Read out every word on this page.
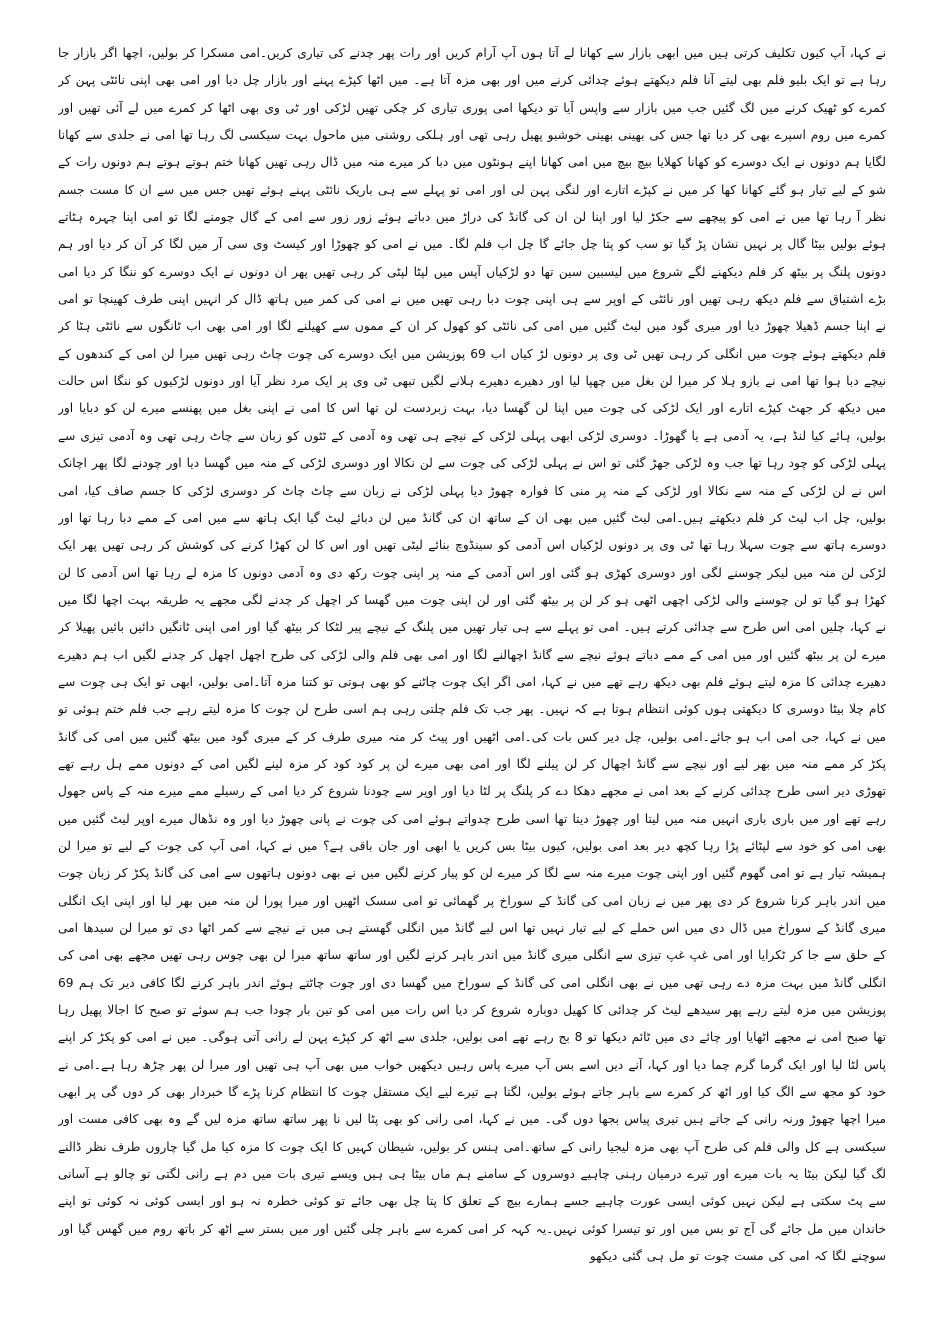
نے کہا، آپ کیوں تکلیف کرتی ہیں میں ابھی بازار سے کھانا لے آتا ہوں آپ آرام کریں اور رات پھر چدنے کی تیاری کریں۔امی مسکرا کر بولیں، اچھا اگر بازار جا رہا ہے تو ایک بلیو فلم بھی لیتے آنا فلم دیکھتے ہوئے چدائی کرنے میں اور بھی مزہ آتا ہے۔ میں اٹھا کپڑے پہنے اور بازار چل دیا اور امی بھی اپنی نائٹی پہن کر کمرے کو ٹھیک کرنے میں لگ گئیں جب میں بازار سے واپس آیا تو دیکھا امی پوری تیاری کر چکی تھیں لڑکی اور ٹی وی بھی اٹھا کر کمرے میں لے آئی تھیں اور کمرے میں روم اسپرے بھی کر دیا تھا جس کی بھینی بھینی خوشبو پھیل رہی تھی اور ہلکی روشنی میں ماحول بہت سیکسی لگ رہا تھا امی نے جلدی سے کھانا لگایا ہم دونوں نے ایک دوسرے کو کھانا کھلایا بیچ بیچ میں امی کھانا اپنے ہونٹوں میں دبا کر میرے منہ میں ڈال رہی تھیں کھانا ختم ہوتے ہوتے ہم دونوں رات کے شو کے لیے تیار ہو گئے کھانا کھا کر میں نے کپڑے اتارے اور لنگی پہن لی اور امی تو پہلے سے ہی باریک نائٹی پہنے ہوئے تھیں جس میں سے ان کا مست جسم نظر آ رہا تھا میں نے امی کو پیچھے سے جکڑ لیا اور اپنا لن ان کی گانڈ کی دراڑ میں دباتے ہوئے زور زور سے امی کے گال چومنے لگا تو امی اپنا چہرہ ہٹاتے ہوئے بولیں بیٹا گال پر نہیں نشان پڑ گیا تو سب کو پتا چل جائے گا چل اب فلم لگا۔ میں نے امی کو چھوڑا اور کیسٹ وی سی آر میں لگا کر آن کر دیا اور ہم دونوں پلنگ پر بیٹھ کر فلم دیکھنے لگے شروع میں لیسبین سین تھا دو لڑکیاں آپس میں لپٹا لپٹی کر رہی تھیں پھر ان دونوں نے ایک دوسرے کو ننگا کر دیا امی بڑے اشتیاق سے فلم دیکھ رہی تھیں اور نائٹی کے اوپر سے ہی اپنی چوت دبا رہی تھیں میں نے امی کی کمر میں ہاتھ ڈال کر انہیں اپنی طرف کھینچا تو امی نے اپنا جسم ڈھیلا چھوڑ دیا اور میری گود میں لیٹ گئیں میں امی کی نائٹی کو کھول کر ان کے مموں سے کھیلنے لگا اور امی بھی اب ٹانگوں سے نائٹی ہٹا کر فلم دیکھتے ہوئے چوت میں انگلی کر رہی تھیں ٹی وی پر دونوں لڑ کیاں اب 69 پوزیشن میں ایک دوسرے کی چوت چاٹ رہی تھیں میرا لن امی کے کندھوں کے نیچے دبا ہوا تھا امی نے بازو ہلا کر میرا لن بغل میں چھپا لیا اور دھیرے دھیرے ہلانے لگیں تبھی ٹی وی پر ایک مرد نظر آیا اور دونوں لڑکیوں کو ننگا اس حالت میں دیکھ کر جھٹ کپڑے اتارے اور ایک لڑکی کی چوت میں اپنا لن گھسا دیا، بہت زبردست لن تھا اس کا امی نے اپنی بغل میں پھنسے میرے لن کو دبایا اور بولیں، ہائے کیا لنڈ ہے، یہ آدمی ہے یا گھوڑا۔ دوسری لڑکی ابھی پہلی لڑکی کے نیچے ہی تھی وہ آدمی کے ٹٹوں کو زبان سے چاٹ رہی تھی وہ آدمی تیزی سے پہلی لڑکی کو چود رہا تھا جب وہ لڑکی جھڑ گئی تو اس نے پہلی لڑکی کی چوت سے لن نکالا اور دوسری لڑکی کے منہ میں گھسا دیا اور چودنے لگا پھر اچانک اس نے لن لڑکی کے منہ سے نکالا اور لڑکی کے منہ پر منی کا فوارہ چھوڑ دیا پہلی لڑکی نے زبان سے چاٹ چاٹ کر دوسری لڑکی کا جسم صاف کیا، امی بولیں، چل اب لیٹ کر فلم دیکھتے ہیں۔امی لیٹ گئیں میں بھی ان کے ساتھ ان کی گانڈ میں لن دبائے لیٹ گیا ایک ہاتھ سے میں امی کے ممے دبا رہا تھا اور دوسرے ہاتھ سے چوت سہلا رہا تھا ٹی وی پر دونوں لڑکیاں اس آدمی کو سینڈوچ بنائے لیٹی تھیں اور اس کا لن کھڑا کرنے کی کوشش کر رہی تھیں پھر ایک لڑکی لن منہ میں لیکر چوسنے لگی اور دوسری کھڑی ہو گئی اور اس آدمی کے منہ پر اپنی چوت رکھ دی وہ آدمی دونوں کا مزہ لے رہا تھا اس آدمی کا لن کھڑا ہو گیا تو لن چوسنے والی لڑکی اچھی اٹھی ہو کر لن پر بیٹھ گئی اور لن اپنی چوت میں گھسا کر اچھل کر چدنے لگی مجھے یہ طریقہ بہت اچھا لگا میں نے کہا، چلیں امی اس طرح سے چدائی کرتے ہیں۔ امی تو پہلے سے ہی تیار تھیں میں پلنگ کے نیچے پیر لٹکا کر بیٹھ گیا اور امی اپنی ٹانگیں دائیں بائیں پھیلا کر میرے لن پر بیٹھ گئیں اور میں امی کے ممے دباتے ہوئے نیچے سے گانڈ اچھالنے لگا اور امی بھی فلم والی لڑکی کی طرح اچھل اچھل کر چدنے لگیں اب ہم دھیرے دھیرے چدائی کا مزہ لیتے ہوئے فلم بھی دیکھ رہے تھے میں نے کہا، امی اگر ایک چوت چاٹنے کو بھی ہوتی تو کتنا مزہ آتا۔امی بولیں، ابھی تو ایک ہی چوت سے کام چلا بیٹا دوسری کا دیکھتی ہوں کوئی انتظام ہوتا ہے کہ نہیں۔ پھر جب تک فلم چلتی رہی ہم اسی طرح لن چوت کا مزہ لیتے رہے جب فلم ختم ہوئی تو میں نے کہا، جی امی اب ہو جائے۔امی بولیں، چل دیر کس بات کی۔امی اٹھیں اور پیٹ کر منہ میری طرف کر کے میری گود میں بیٹھ گئیں میں امی کی گانڈ پکڑ کر ممے منہ میں بھر لیے اور نیچے سے گانڈ اچھال کر لن پیلنے لگا اور امی بھی میرے لن پر کود کود کر مزہ لینے لگیں امی کے دونوں ممے ہل رہے تھے تھوڑی دیر اسی طرح چدائی کرنے کے بعد امی نے مجھے دھکا دے کر پلنگ پر لٹا دیا اور اوپر سے چودنا شروع کر دیا امی کے رسیلے ممے میرے منہ کے پاس جھول رہے تھے اور میں باری باری انہیں منہ میں لیتا اور چھوڑ دیتا تھا اسی طرح چدواتے ہوئے امی کی چوت نے پانی چھوڑ دیا اور وہ نڈھال میرے اوپر لیٹ گئیں میں بھی امی کو خود سے لپٹائے پڑا رہا کچھ دیر بعد امی بولیں، کیوں بیٹا بس کریں یا ابھی اور جان باقی ہے؟ میں نے کہا، امی آپ کی چوت کے لیے تو میرا لن ہمیشہ تیار ہے تو امی گھوم گئیں اور اپنی چوت میرے منہ سے لگا کر میرے لن کو پیار کرنے لگیں میں نے بھی دونوں ہاتھوں سے امی کی گانڈ پکڑ کر زبان چوت میں اندر باہر کرنا شروع کر دی پھر میں نے زبان امی کی گانڈ کے سوراخ پر گھمائی تو امی سسک اٹھیں اور میرا پورا لن منہ میں بھر لیا اور اپنی ایک انگلی میری گانڈ کے سوراخ میں ڈال دی میں اس حملے کے لیے تیار نہیں تھا اس لیے گانڈ میں انگلی گھستے ہی میں نے نیچے سے کمر اٹھا دی تو میرا لن سیدھا امی کے حلق سے جا کر ٹکرایا اور امی غپ غپ تیزی سے انگلی میری گانڈ میں اندر باہر کرنے لگیں اور ساتھ ساتھ میرا لن بھی چوس رہی تھیں مجھے بھی امی کی انگلی گانڈ میں بہت مزہ دے رہی تھی میں نے بھی انگلی امی کی گانڈ کے سوراخ میں گھسا دی اور چوت چاٹتے ہوئے اندر باہر کرنے لگا کافی دیر تک ہم 69 پوزیشن میں مزہ لیتے رہے پھر سیدھے لیٹ کر چدائی کا کھیل دوبارہ شروع کر دیا اس رات میں امی کو تین بار چودا جب ہم سوئے تو صبح کا اجالا پھیل رہا تھا صبح امی نے مجھے اٹھایا اور چائے دی میں ٹائم دیکھا تو 8 بج رہے تھے امی بولیں، جلدی سے اٹھ کر کپڑے پہن لے رانی آتی ہوگی۔ میں نے امی کو پکڑ کر اپنے پاس لٹا لیا اور ایک گرما گرم چما دیا اور کہا، آنے دیں اسے بس آپ میرے پاس رہیں دیکھیں خواب میں بھی آپ ہی تھیں اور میرا لن پھر چڑھ رہا ہے۔امی نے خود کو مجھ سے الگ کیا اور اٹھ کر کمرے سے باہر جاتے ہوئے بولیں، لگتا ہے تیرے لیے ایک مستقل چوت کا انتظام کرنا پڑے گا خبردار بھی کر دوں گی پر ابھی میرا اچھا چھوڑ ورنہ رانی کے جاتے ہیں تیری پیاس بجھا دوں گی۔ میں نے کہا، امی رانی کو بھی پٹا لیں نا پھر ساتھ ساتھ مزہ لیں گے وہ بھی کافی مست اور سیکسی ہے کل والی فلم کی طرح آپ بھی مزہ لیجیا رانی کے ساتھ۔امی ہنس کر بولیں، شیطان کہیں کا ایک چوت کا مزہ کیا مل گیا چاروں طرف نظر ڈالنے لگ گیا لیکن بیٹا یہ بات میرے اور تیرے درمیان رہنی چاہیے دوسروں کے سامنے ہم ماں بیٹا ہی ہیں ویسے تیری بات میں دم ہے رانی لگتی تو چالو ہے آسانی سے پٹ سکتی ہے لیکن نہیں کوئی ایسی عورت چاہیے جسے ہمارے بیچ کے تعلق کا پتا چل بھی جائے تو کوئی خطرہ نہ ہو اور ایسی کوئی نہ کوئی تو اپنے خاندان میں مل جائے گی آج تو بس میں اور تو تیسرا کوئی نہیں۔یہ کہہ کر امی کمرے سے باہر چلی گئیں اور میں بستر سے اٹھ کر باتھ روم میں گھس گیا اور سوچنے لگا کہ امی کی مست چوت تو مل ہی گئی دیکھو
